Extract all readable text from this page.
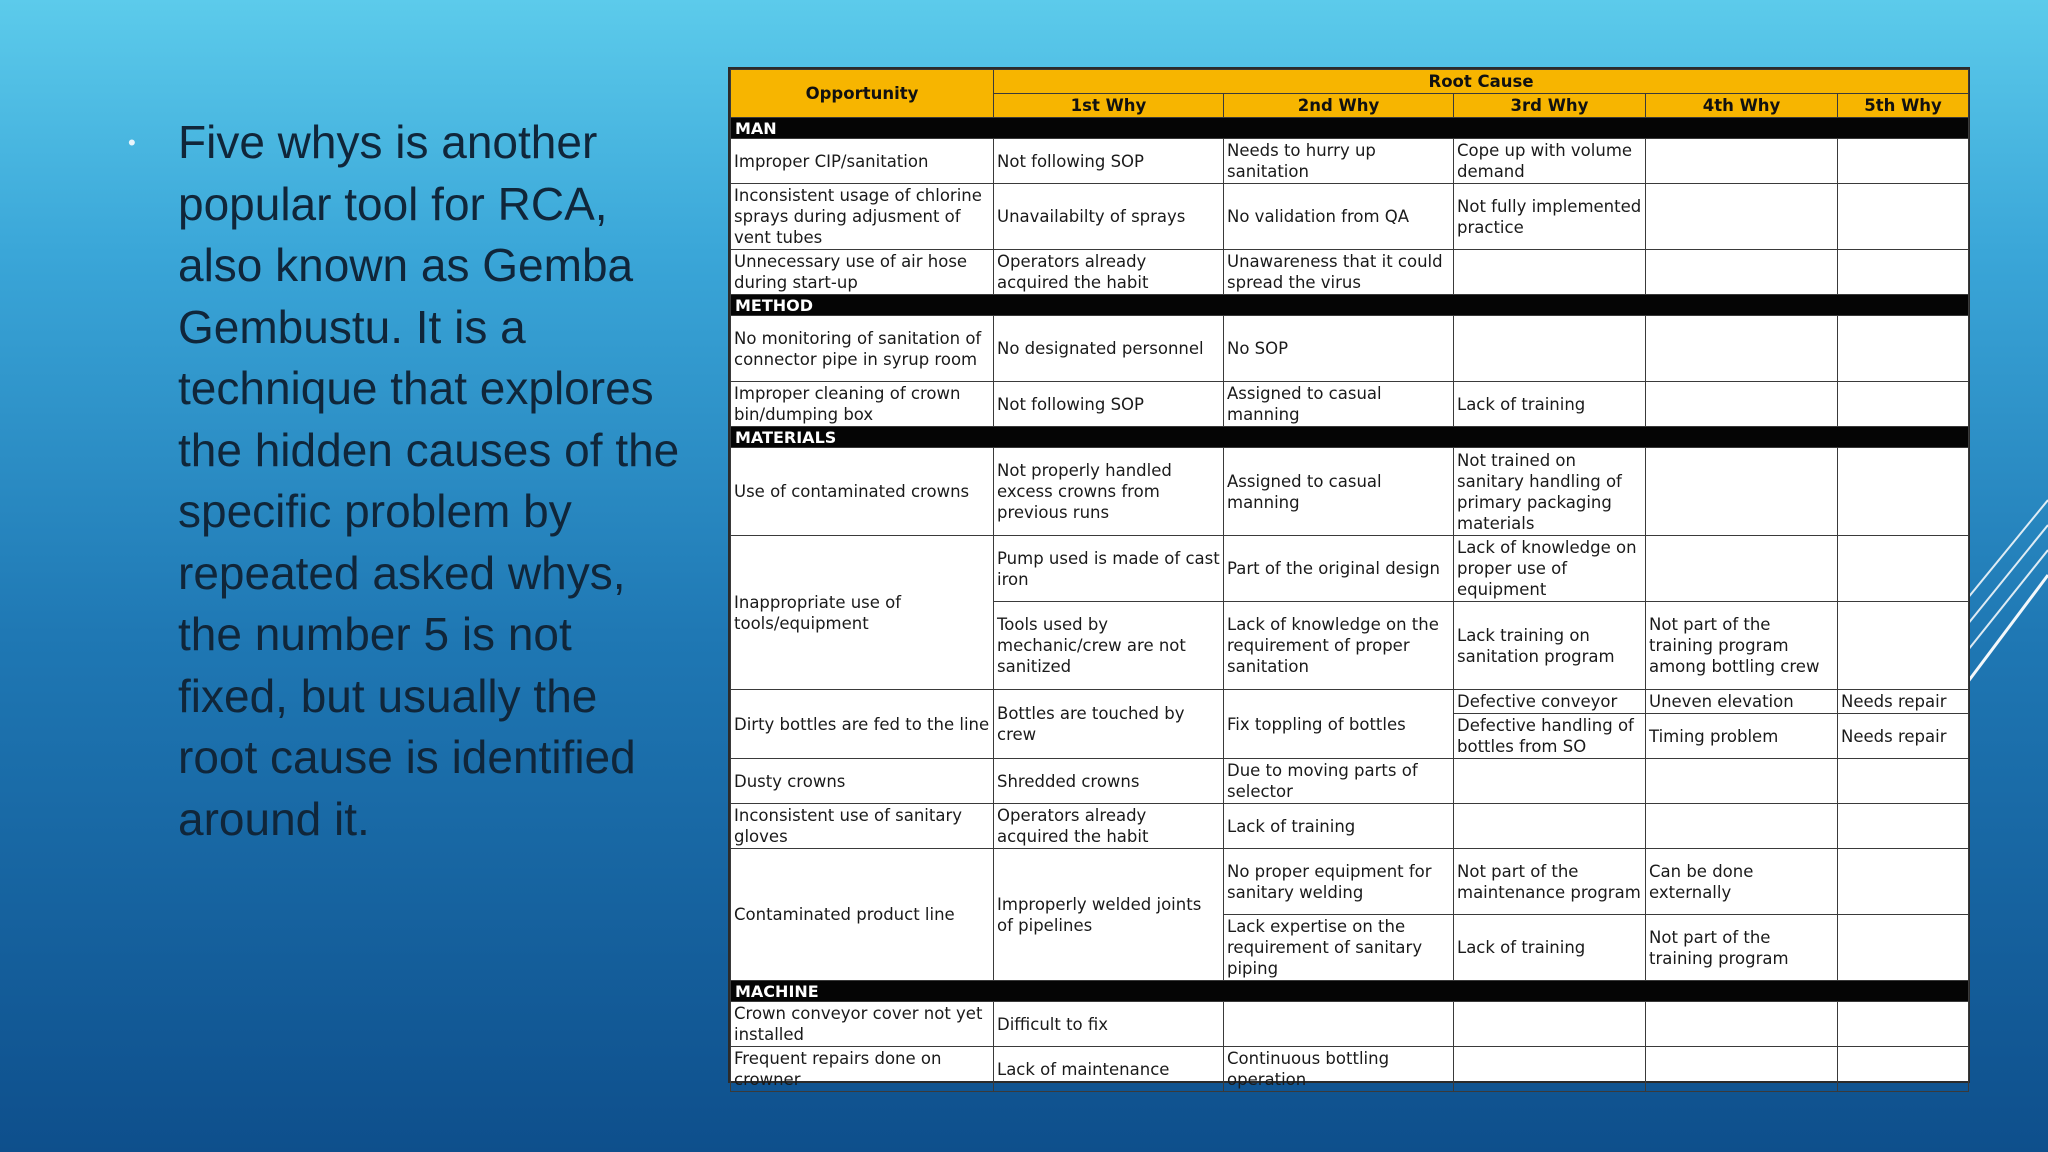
• Five whys is another popular tool for RCA, also known as Gemba Gembustu. It is a technique that explores the hidden causes of the specific problem by repeated asked whys, the number 5 is not fixed, but usually the root cause is identified around it.
Opportunity	Root Cause				
	1st Why	2nd Why	3rd Why	4th Why	5th Why
MAN					
Improper CIP/sanitation	Not following SOP	Needs to hurry up sanitation	Cope up with volume demand		
Inconsistent usage of chlorine sprays during adjusment of vent tubes	Unavailabilty of sprays	No validation from QA	Not fully implemented practice		
Unnecessary use of air hose during start-up	Operators already acquired the habit	Unawareness that it could spread the virus			
METHOD					
No monitoring of sanitation of connector pipe in syrup room	No designated personnel	No SOP			
Improper cleaning of crown bin/dumping box	Not following SOP	Assigned to casual manning	Lack of training		
MATERIALS					
Use of contaminated crowns	Not properly handled excess crowns from previous runs	Assigned to casual manning	Not trained on sanitary handling of primary packaging materials		
Inappropriate use of tools/equipment	Pump used is made of cast iron	Part of the original design	Lack of knowledge on proper use of equipment		
	Tools used by mechanic/crew are not sanitized	Lack of knowledge on the requirement of proper sanitation	Lack training on sanitation program	Not part of the training program among bottling crew	
Dirty bottles are fed to the line	Bottles are touched by crew	Fix toppling of bottles	Defective conveyor	Uneven elevation	Needs repair
			Defective handling of bottles from SO	Timing problem	Needs repair
Dusty crowns	Shredded crowns	Due to moving parts of selector			
Inconsistent use of sanitary gloves	Operators already acquired the habit	Lack of training			
Contaminated product line	Improperly welded joints of pipelines	No proper equipment for sanitary welding	Not part of the maintenance program	Can be done externally	
		Lack expertise on the requirement of sanitary piping	Lack of training	Not part of the training program	
MACHINE					
Crown conveyor cover not yet installed	Difficult to fix				
Frequent repairs done on crowner	Lack of maintenance	Continuous bottling operation			
